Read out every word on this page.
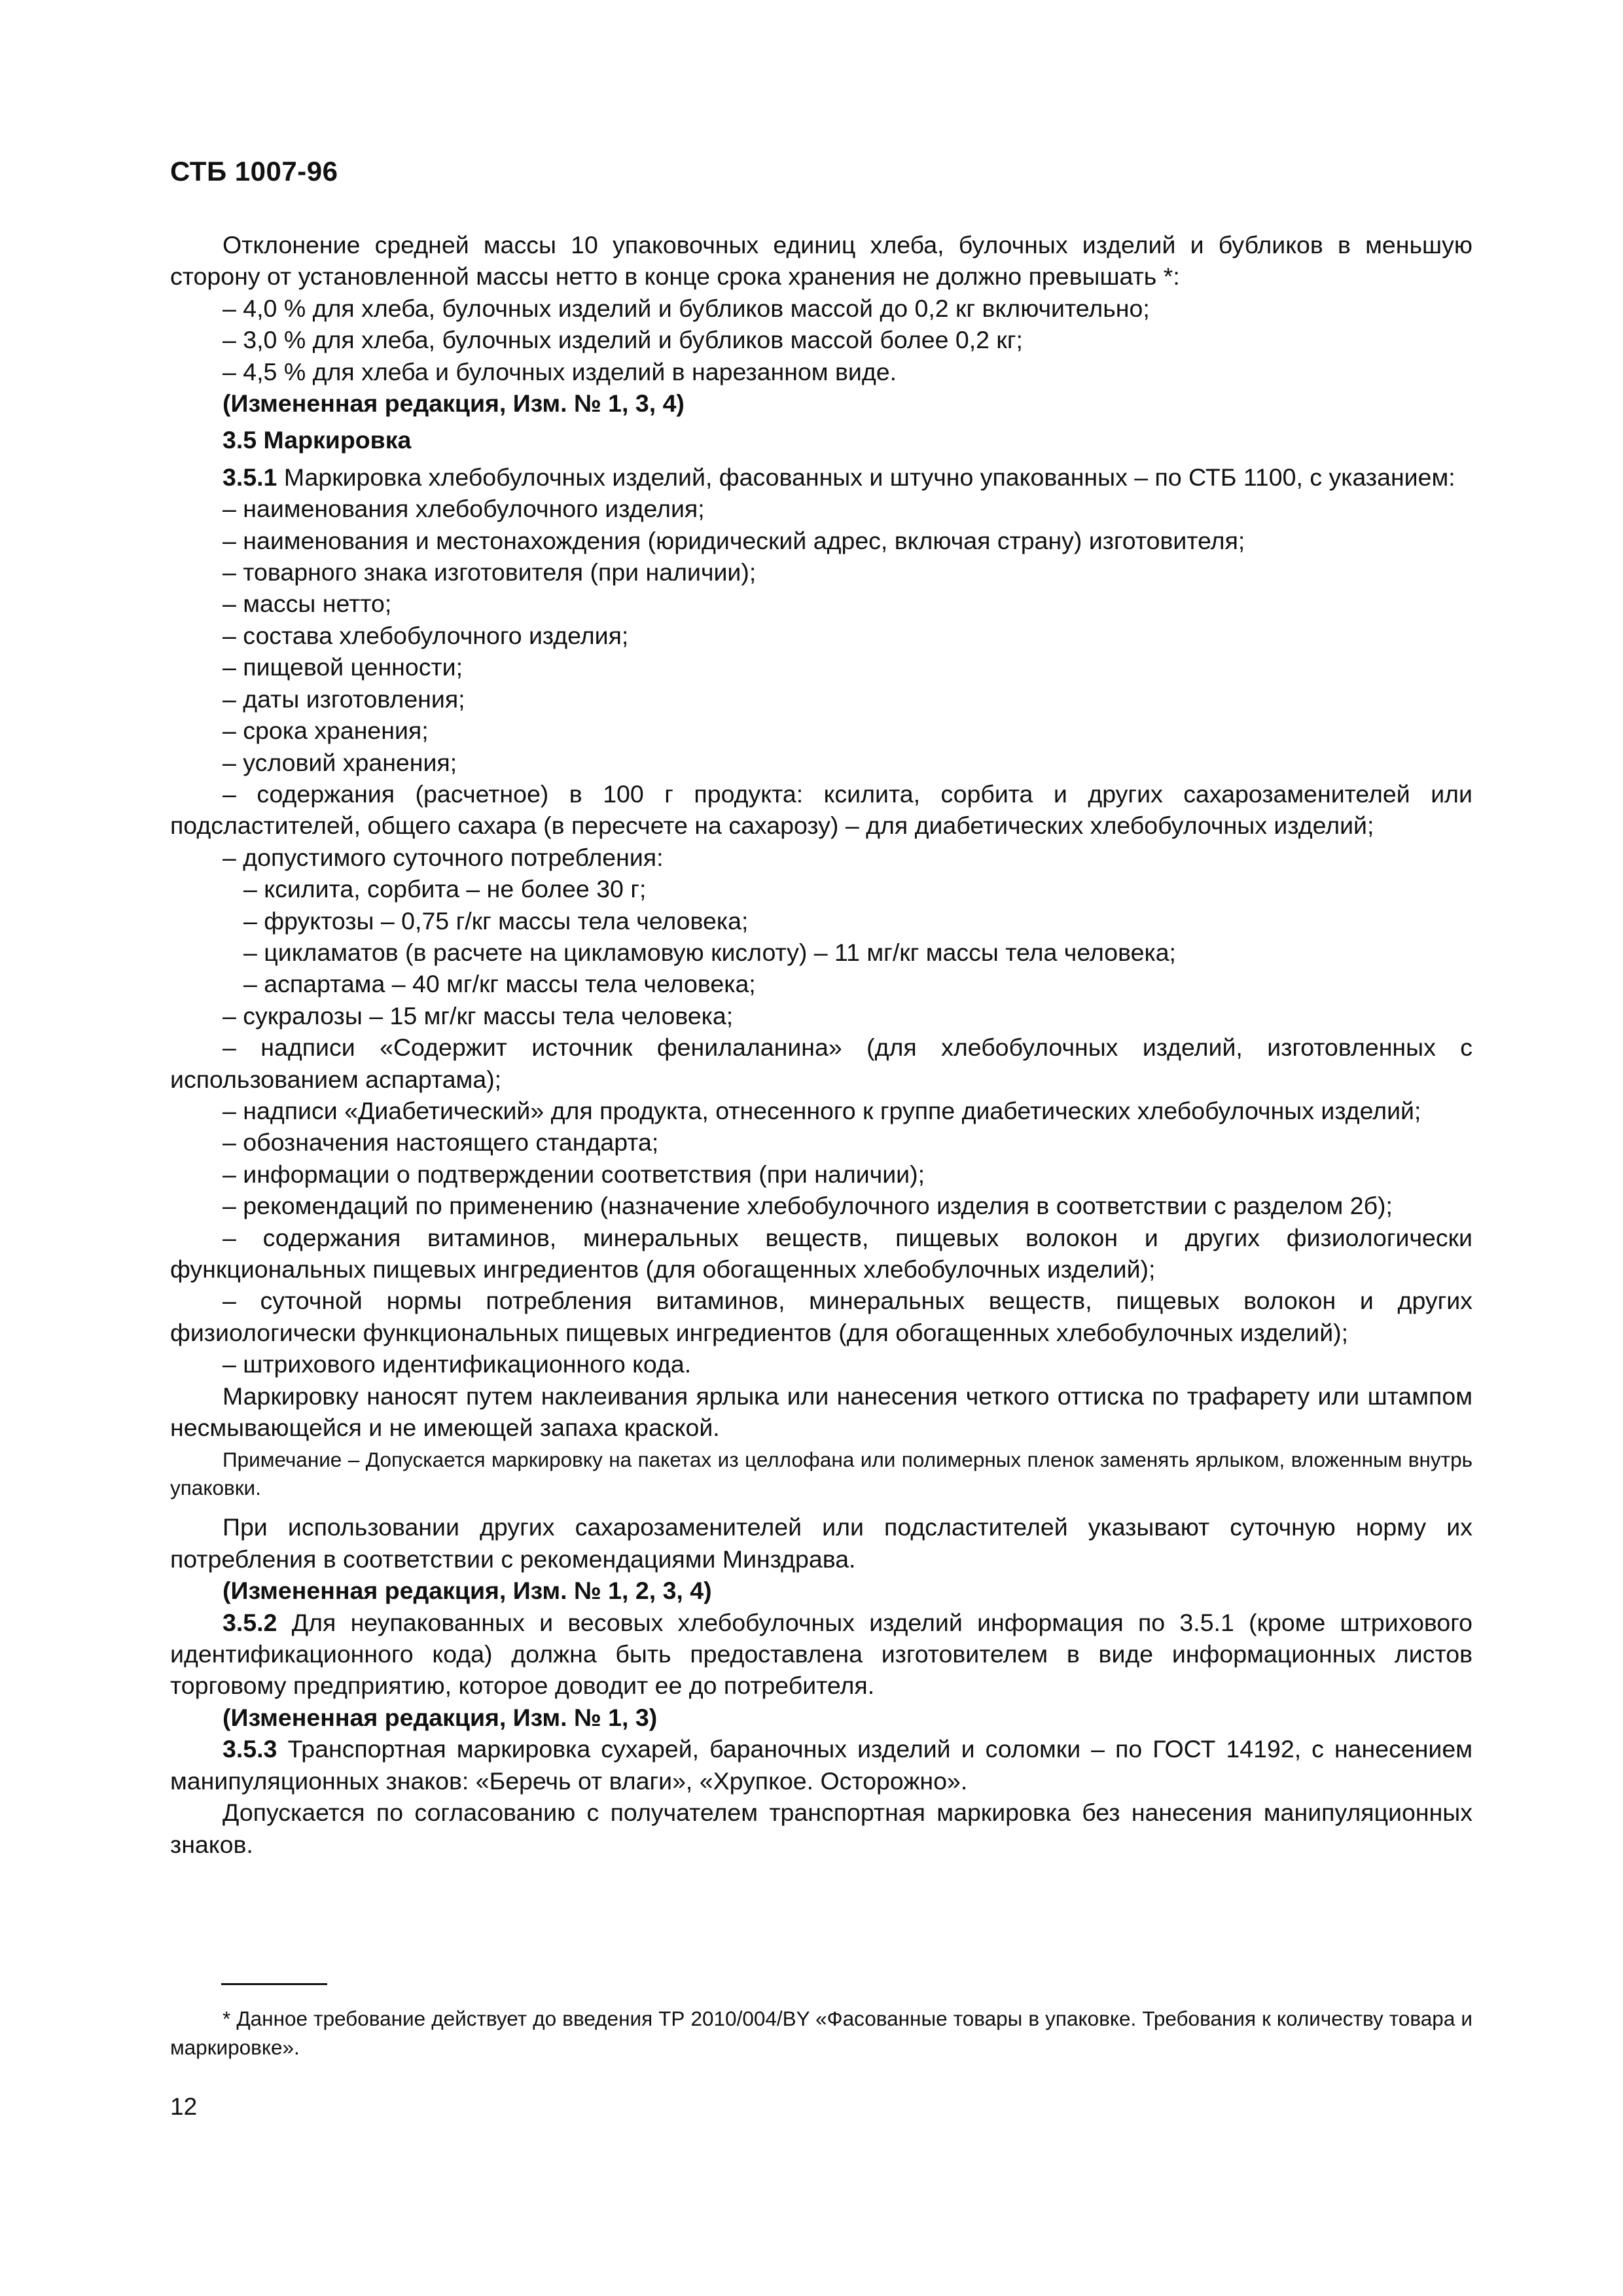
СТБ 1007-96

Отклонение средней массы 10 упаковочных единиц хлеба, булочных изделий и бубликов в меньшую сторону от установленной массы нетто в конце срока хранения не должно превышать *:

– 4,0 % для хлеба, булочных изделий и бубликов массой до 0,2 кг включительно;

– 3,0 % для хлеба, булочных изделий и бубликов массой более 0,2 кг;

– 4,5 % для хлеба и булочных изделий в нарезанном виде.

(Измененная редакция, Изм. № 1, 3, 4)

3.5 Маркировка

3.5.1 Маркировка хлебобулочных изделий, фасованных и штучно упакованных – по СТБ 1100, с указанием:

– наименования хлебобулочного изделия;

– наименования и местонахождения (юридический адрес, включая страну) изготовителя;

– товарного знака изготовителя (при наличии);

– массы нетто;

– состава хлебобулочного изделия;

– пищевой ценности;

– даты изготовления;

– срока хранения;

– условий хранения;

– содержания (расчетное) в 100 г продукта: ксилита, сорбита и других сахарозаменителей или подсластителей, общего сахара (в пересчете на сахарозу) – для диабетических хлебобулочных изделий;

– допустимого суточного потребления:

– ксилита, сорбита – не более 30 г;

– фруктозы – 0,75 г/кг массы тела человека;

– цикламатов (в расчете на цикламовую кислоту) – 11 мг/кг массы тела человека;

– аспартама – 40 мг/кг массы тела человека;

– сукралозы – 15 мг/кг массы тела человека;

– надписи «Содержит источник фенилаланина» (для хлебобулочных изделий, изготовленных с использованием аспартама);

– надписи «Диабетический» для продукта, отнесенного к группе диабетических хлебобулочных изделий;

– обозначения настоящего стандарта;

– информации о подтверждении соответствия (при наличии);

– рекомендаций по применению (назначение хлебобулочного изделия в соответствии с разделом 2б);

– содержания витаминов, минеральных веществ, пищевых волокон и других физиологически функциональных пищевых ингредиентов (для обогащенных хлебобулочных изделий);

– суточной нормы потребления витаминов, минеральных веществ, пищевых волокон и других физиологически функциональных пищевых ингредиентов (для обогащенных хлебобулочных изделий);

– штрихового идентификационного кода.

Маркировку наносят путем наклеивания ярлыка или нанесения четкого оттиска по трафарету или штампом несмывающейся и не имеющей запаха краской.

Примечание – Допускается маркировку на пакетах из целлофана или полимерных пленок заменять ярлыком, вложенным внутрь упаковки.

При использовании других сахарозаменителей или подсластителей указывают суточную норму их потребления в соответствии с рекомендациями Минздрава.

(Измененная редакция, Изм. № 1, 2, 3, 4)

3.5.2 Для неупакованных и весовых хлебобулочных изделий информация по 3.5.1 (кроме штрихового идентификационного кода) должна быть предоставлена изготовителем в виде информационных листов торговому предприятию, которое доводит ее до потребителя.

(Измененная редакция, Изм. № 1, 3)

3.5.3 Транспортная маркировка сухарей, бараночных изделий и соломки – по ГОСТ 14192, с нанесением манипуляционных знаков: «Беречь от влаги», «Хрупкое. Осторожно».

Допускается по согласованию с получателем транспортная маркировка без нанесения манипуляционных знаков.

* Данное требование действует до введения ТР 2010/004/BY «Фасованные товары в упаковке. Требования к количеству товара и маркировке».
12
